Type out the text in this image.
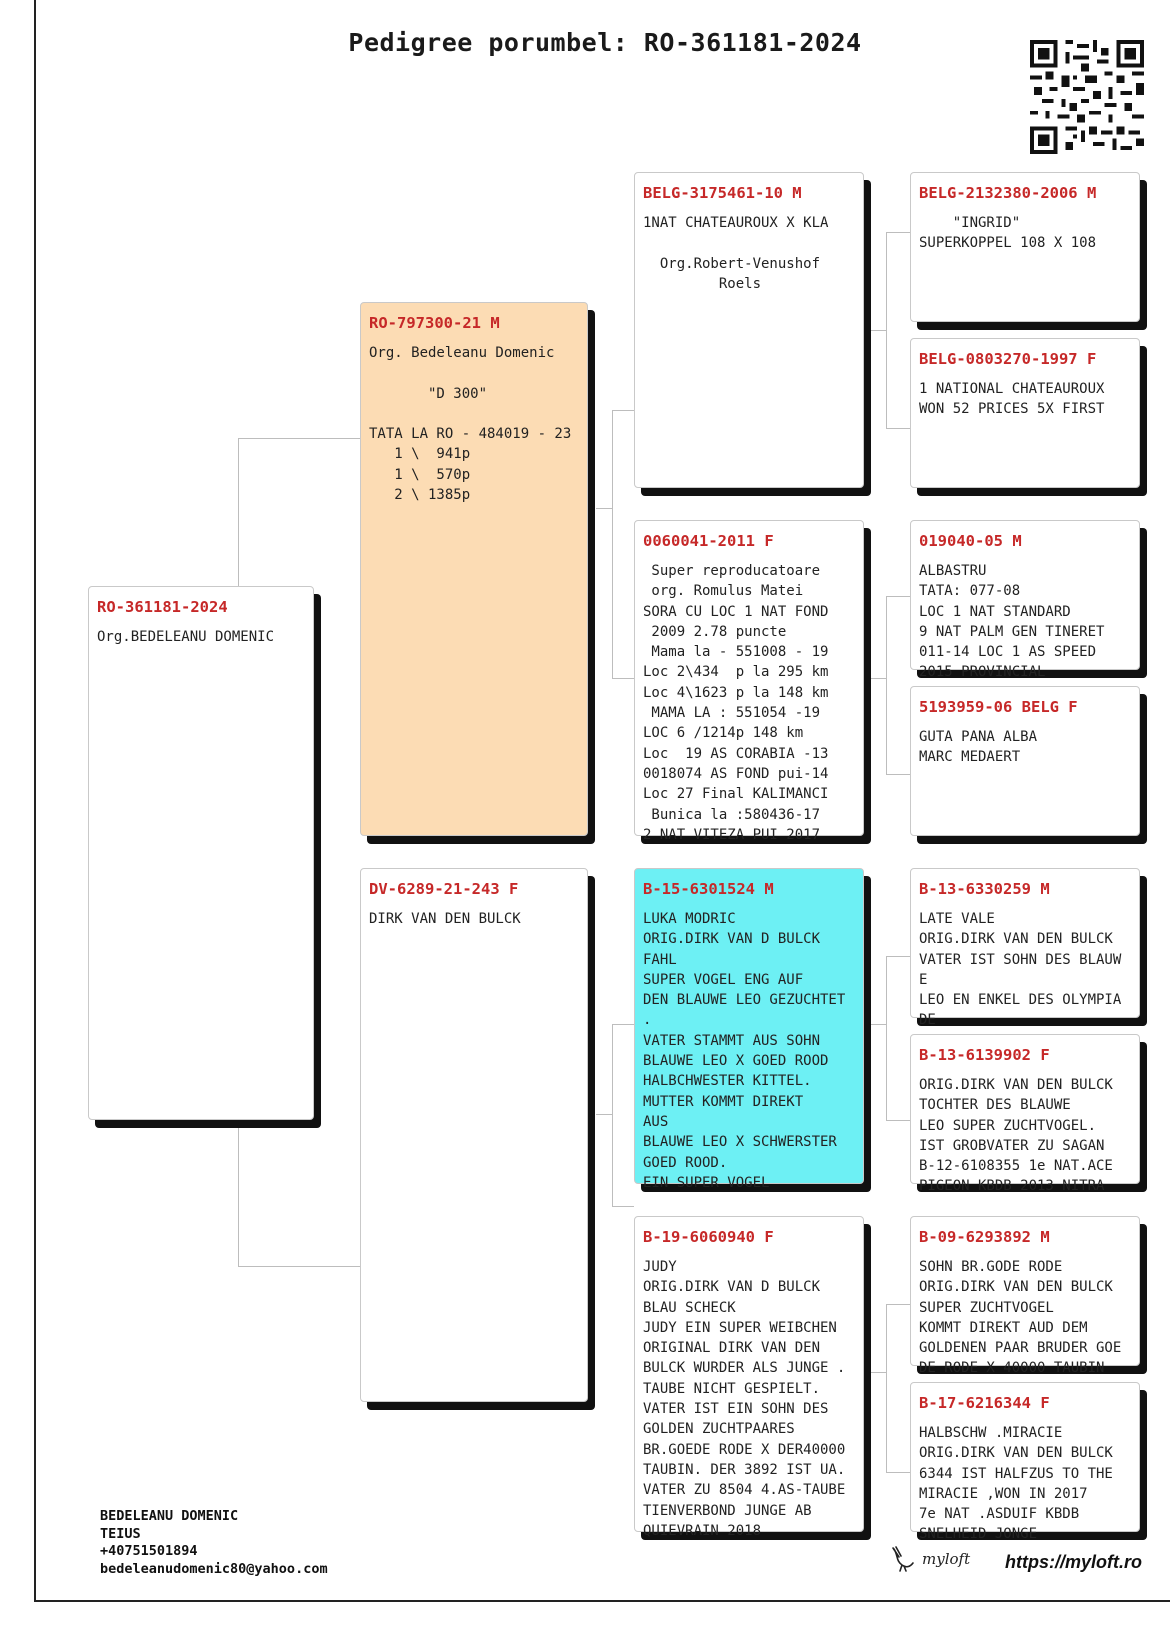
Pedigree porumbel: RO-361181-2024
RO-361181-2024
Org.BEDELEANU DOMENIC
RO-797300-21 M
Org. Bedeleanu Domenic

"D 300"

TATA LA RO - 484019 - 23
1 \  941p
1 \  570p
2 \ 1385p
DV-6289-21-243 F
DIRK VAN DEN BULCK
BELG-3175461-10 M
1NAT CHATEAUROUX X KLA

Org.Robert-Venushof
Roels
0060041-2011 F
Super reproducatoare
org. Romulus Matei
SORA CU LOC 1 NAT FOND
2009 2.78 puncte
Mama la - 551008 - 19
Loc 2\434  p la 295 km
Loc 4\1623 p la 148 km
MAMA LA : 551054 -19
LOC 6 /1214p 148 km
Loc  19 AS CORABIA -13
0018074 AS FOND pui-14
Loc 27 Final KALIMANCI
Bunica la :580436-17
2 NAT VITEZA PUI 2017
B-15-6301524 M
LUKA MODRIC
ORIG.DIRK VAN D BULCK
FAHL
SUPER VOGEL ENG AUF
DEN BLAUWE LEO GEZUCHTET
.
VATER STAMMT AUS SOHN
BLAUWE LEO X GOED ROOD
HALBCHWESTER KITTEL.
MUTTER KOMMT DIREKT
AUS
BLAUWE LEO X SCHWERSTER
GOED ROOD.
EIN SUPER VOGEL
B-19-6060940 F
JUDY
ORIG.DIRK VAN D BULCK
BLAU SCHECK
JUDY EIN SUPER WEIBCHEN
ORIGINAL DIRK VAN DEN
BULCK WURDER ALS JUNGE .
TAUBE NICHT GESPIELT.
VATER IST EIN SOHN DES
GOLDEN ZUCHTPAARES
BR.GOEDE RODE X DER40000
TAUBIN. DER 3892 IST UA.
VATER ZU 8504 4.AS-TAUBE
TIENVERBOND JUNGE AB
QUIEVRAIN 2018
BELG-2132380-2006 M
"INGRID"
SUPERKOPPEL 108 X 108
BELG-0803270-1997 F
1 NATIONAL CHATEAUROUX
WON 52 PRICES 5X FIRST
019040-05 M
ALBASTRU
TATA: 077-08
LOC 1 NAT STANDARD
9 NAT PALM GEN TINERET
011-14 LOC 1 AS SPEED
2015 PROVINCIAL
5193959-06 BELG F
GUTA PANA ALBA
MARC MEDAERT
B-13-6330259 M
LATE VALE
ORIG.DIRK VAN DEN BULCK
VATER IST SOHN DES BLAUW
E
LEO EN ENKEL DES OLYMPIA
DE
B-13-6139902 F
ORIG.DIRK VAN DEN BULCK
TOCHTER DES BLAUWE
LEO SUPER ZUCHTVOGEL.
IST GROBVATER ZU SAGAN
B-12-6108355 1e NAT.ACE
PIGEON KBDB 2013 NITRA
B-09-6293892 M
SOHN BR.GODE RODE
ORIG.DIRK VAN DEN BULCK
SUPER ZUCHTVOGEL
KOMMT DIREKT AUD DEM
GOLDENEN PAAR BRUDER GOE
DE RODE X 40000 TAUBIN
B-17-6216344 F
HALBSCHW .MIRACIE
ORIG.DIRK VAN DEN BULCK
6344 IST HALFZUS TO THE
MIRACIE ,WON IN 2017
7e NAT .ASDUIF KBDB
SNELHEID JONGE
BEDELEANU DOMENIC
TEIUS
+40751501894
bedeleanudomenic80@yahoo.com
myloft https://myloft.ro
